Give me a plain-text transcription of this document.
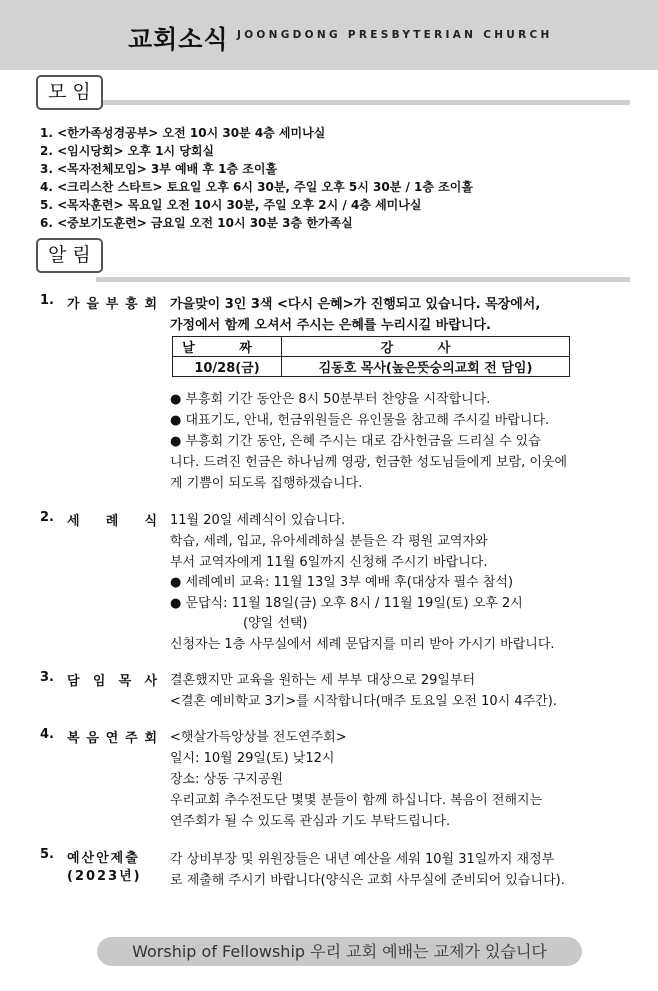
교회소식 JOONGDONG PRESBYTERIAN CHURCH
모 임
1. <한가족성경공부> 오전 10시 30분 4층 세미나실
2. <임시당회> 오후 1시 당회실
3. <목자전체모임> 3부 예배 후 1층 조이홀
4. <크리스찬 스타트> 토요일 오후 6시 30분, 주일 오후 5시 30분 / 1층 조이홀
5. <목자훈련> 목요일 오전 10시 30분, 주일 오후 2시 / 4층 세미나실
6. <중보기도훈련> 금요일 오전 10시 30분 3층 한가족실
알 림
1. 가 을 부 흥 회 가을맞이 3인 3색 <다시 은혜>가 진행되고 있습니다. 목장에서,
가정에서 함께 오셔서 주시는 은혜를 누리시길 바랍니다.
날 짜	강 사
10/28(금)	김동호 목사(높은뜻숭의교회 전 담임)
● 부흥회 기간 동안은 8시 50분부터 찬양을 시작합니다.
● 대표기도, 안내, 헌금위원들은 유인물을 참고해 주시길 바랍니다.
● 부흥회 기간 동안, 은혜 주시는 대로 감사헌금을 드리실 수 있습
니다. 드려진 헌금은 하나님께 영광, 헌금한 성도님들에게 보람, 이웃에
게 기쁨이 되도록 집행하겠습니다.
2. 세 례 식 11월 20일 세례식이 있습니다.
학습, 세례, 입교, 유아세례하실 분들은 각 평원 교역자와
부서 교역자에게 11월 6일까지 신청해 주시기 바랍니다.
● 세례예비 교육: 11월 13일 3부 예배 후(대상자 필수 참석)
● 문답식: 11월 18일(금) 오후 8시 / 11월 19일(토) 오후 2시
(양일 선택)
신청자는 1층 사무실에서 세례 문답지를 미리 받아 가시기 바랍니다.
3. 담 임 목 사 결혼했지만 교육을 원하는 세 부부 대상으로 29일부터
<결혼 예비학교 3기>를 시작합니다(매주 토요일 오전 10시 4주간).
4. 복 음 연 주 회 <햇살가득앙상블 전도연주회>
일시: 10월 29일(토) 낮12시
장소: 상동 구지공원
우리교회 추수전도단 몇몇 분들이 함께 하십니다. 복음이 전해지는
연주회가 될 수 있도록 관심과 기도 부탁드립니다.
5. 예산안제출
(2023년)
각 상비부장 및 위원장들은 내년 예산을 세워 10월 31일까지 재정부
로 제출해 주시기 바랍니다(양식은 교회 사무실에 준비되어 있습니다).
Worship of Fellowship 우리 교회 예배는 교제가 있습니다
